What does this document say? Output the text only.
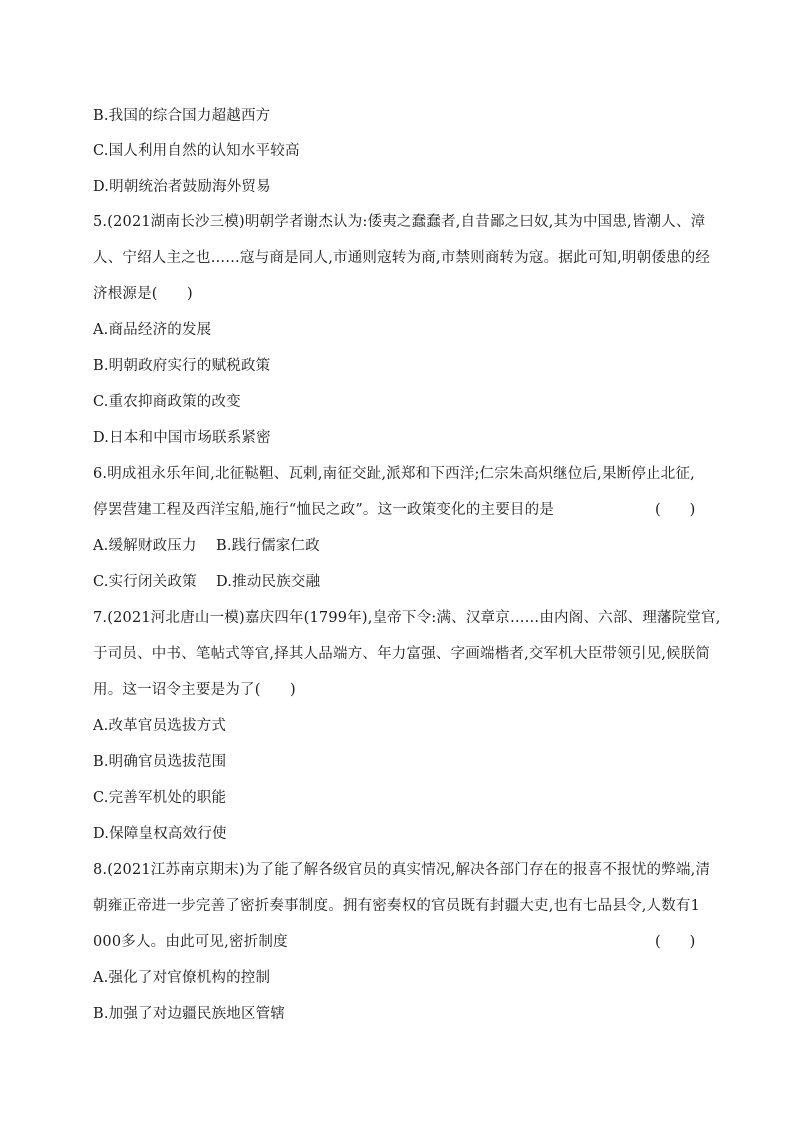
B.我国的综合国力超越西方
C.国人利用自然的认知水平较高
D.明朝统治者鼓励海外贸易
5.(2021湖南长沙三模)明朝学者谢杰认为:倭夷之蠢蠢者,自昔鄙之曰奴,其为中国患,皆潮人、漳
人、宁绍人主之也……寇与商是同人,市通则寇转为商,市禁则商转为寇。据此可知,明朝倭患的经
济根源是(　　)
A.商品经济的发展
B.明朝政府实行的赋税政策
C.重农抑商政策的改变
D.日本和中国市场联系紧密
6.明成祖永乐年间,北征鞑靼、瓦剌,南征交趾,派郑和下西洋;仁宗朱高炽继位后,果断停止北征,
停罢营建工程及西洋宝船,施行“恤民之政”。这一政策变化的主要目的是	(　　)
A.缓解财政压力 B.践行儒家仁政
C.实行闭关政策 D.推动民族交融
7.(2021河北唐山一模)嘉庆四年(1799年),皇帝下令:满、汉章京……由内阁、六部、理藩院堂官,
于司员、中书、笔帖式等官,择其人品端方、年力富强、字画端楷者,交军机大臣带领引见,候朕简
用。这一诏令主要是为了(　　)
A.改革官员选拔方式
B.明确官员选拔范围
C.完善军机处的职能
D.保障皇权高效行使
8.(2021江苏南京期末)为了能了解各级官员的真实情况,解决各部门存在的报喜不报忧的弊端,清
朝雍正帝进一步完善了密折奏事制度。拥有密奏权的官员既有封疆大吏,也有七品县令,人数有1
000多人。由此可见,密折制度	(　　)
A.强化了对官僚机构的控制
B.加强了对边疆民族地区管辖
